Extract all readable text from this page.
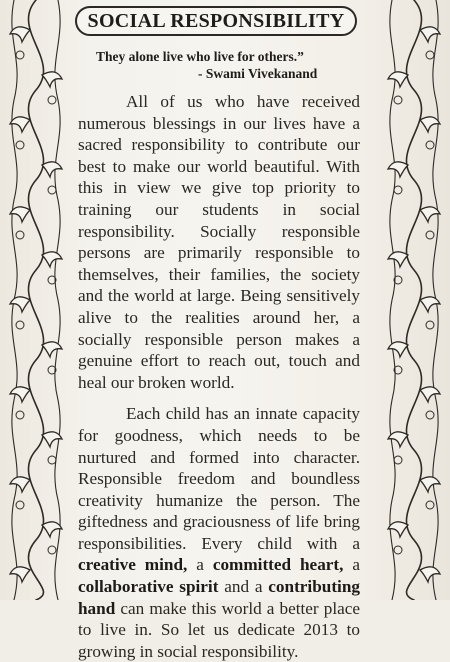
SOCIAL RESPONSIBILITY
They alone live who live for others.”
- Swami Vivekanand

All of us who have received numerous blessings in our lives have a sacred responsibility to contribute our best to make our world beautiful. With this in view we give top priority to training our students in social responsibility. Socially responsible persons are primarily responsible to themselves, their families, the society and the world at large. Being sensitively alive to the realities around her, a socially responsible person makes a genuine effort to reach out, touch and heal our broken world.

Each child has an innate capacity for goodness, which needs to be nurtured and formed into character. Responsible freedom and boundless creativity humanize the person. The giftedness and graciousness of life bring responsibilities. Every child with a creative mind, a committed heart, a collaborative spirit and a contributing hand can make this world a better place to live in. So let us dedicate 2013 to growing in social responsibility.
